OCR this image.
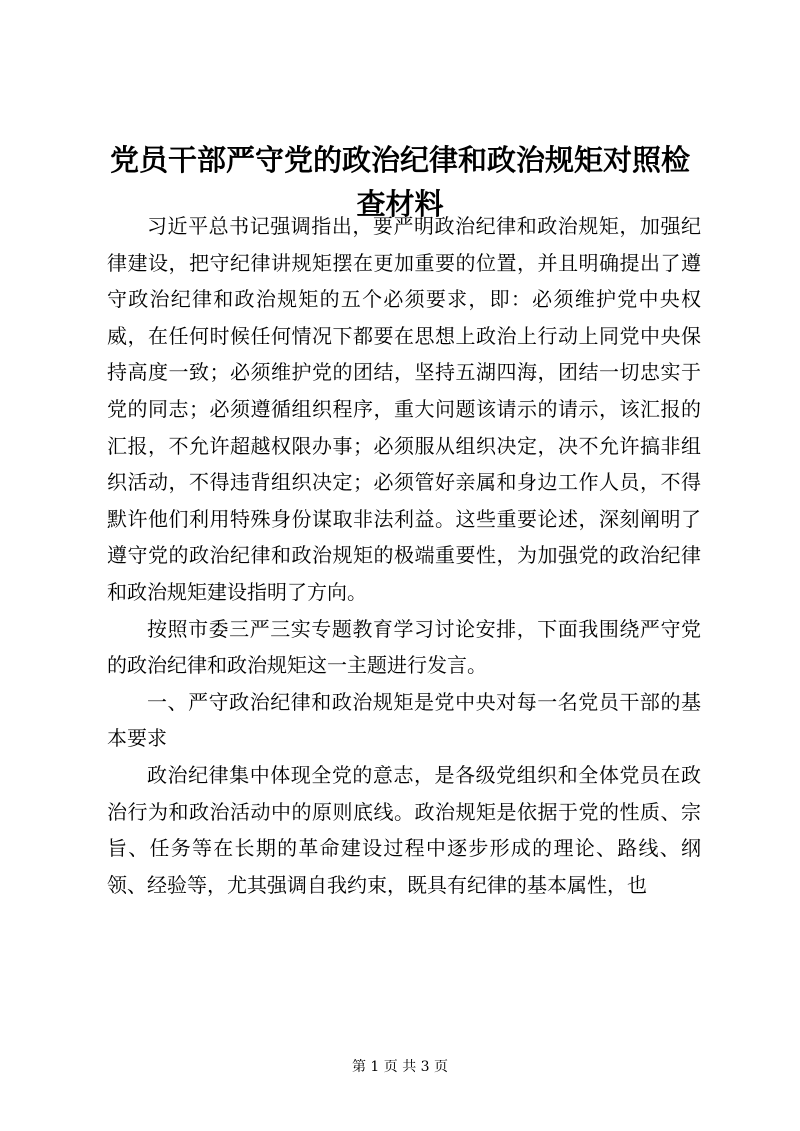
党员干部严守党的政治纪律和政治规矩对照检查材料

习近平总书记强调指出，要严明政治纪律和政治规矩，加强纪律建设，把守纪律讲规矩摆在更加重要的位置，并且明确提出了遵守政治纪律和政治规矩的五个必须要求，即：必须维护党中央权威，在任何时候任何情况下都要在思想上政治上行动上同党中央保持高度一致；必须维护党的团结，坚持五湖四海，团结一切忠实于党的同志；必须遵循组织程序，重大问题该请示的请示，该汇报的汇报，不允许超越权限办事；必须服从组织决定，决不允许搞非组织活动，不得违背组织决定；必须管好亲属和身边工作人员，不得默许他们利用特殊身份谋取非法利益。这些重要论述，深刻阐明了遵守党的政治纪律和政治规矩的极端重要性，为加强党的政治纪律和政治规矩建设指明了方向。

按照市委三严三实专题教育学习讨论安排，下面我围绕严守党的政治纪律和政治规矩这一主题进行发言。

一、严守政治纪律和政治规矩是党中央对每一名党员干部的基本要求

政治纪律集中体现全党的意志，是各级党组织和全体党员在政治行为和政治活动中的原则底线。政治规矩是依据于党的性质、宗旨、任务等在长期的革命建设过程中逐步形成的理论、路线、纲领、经验等，尤其强调自我约束，既具有纪律的基本属性，也

第 1 页 共 3 页
